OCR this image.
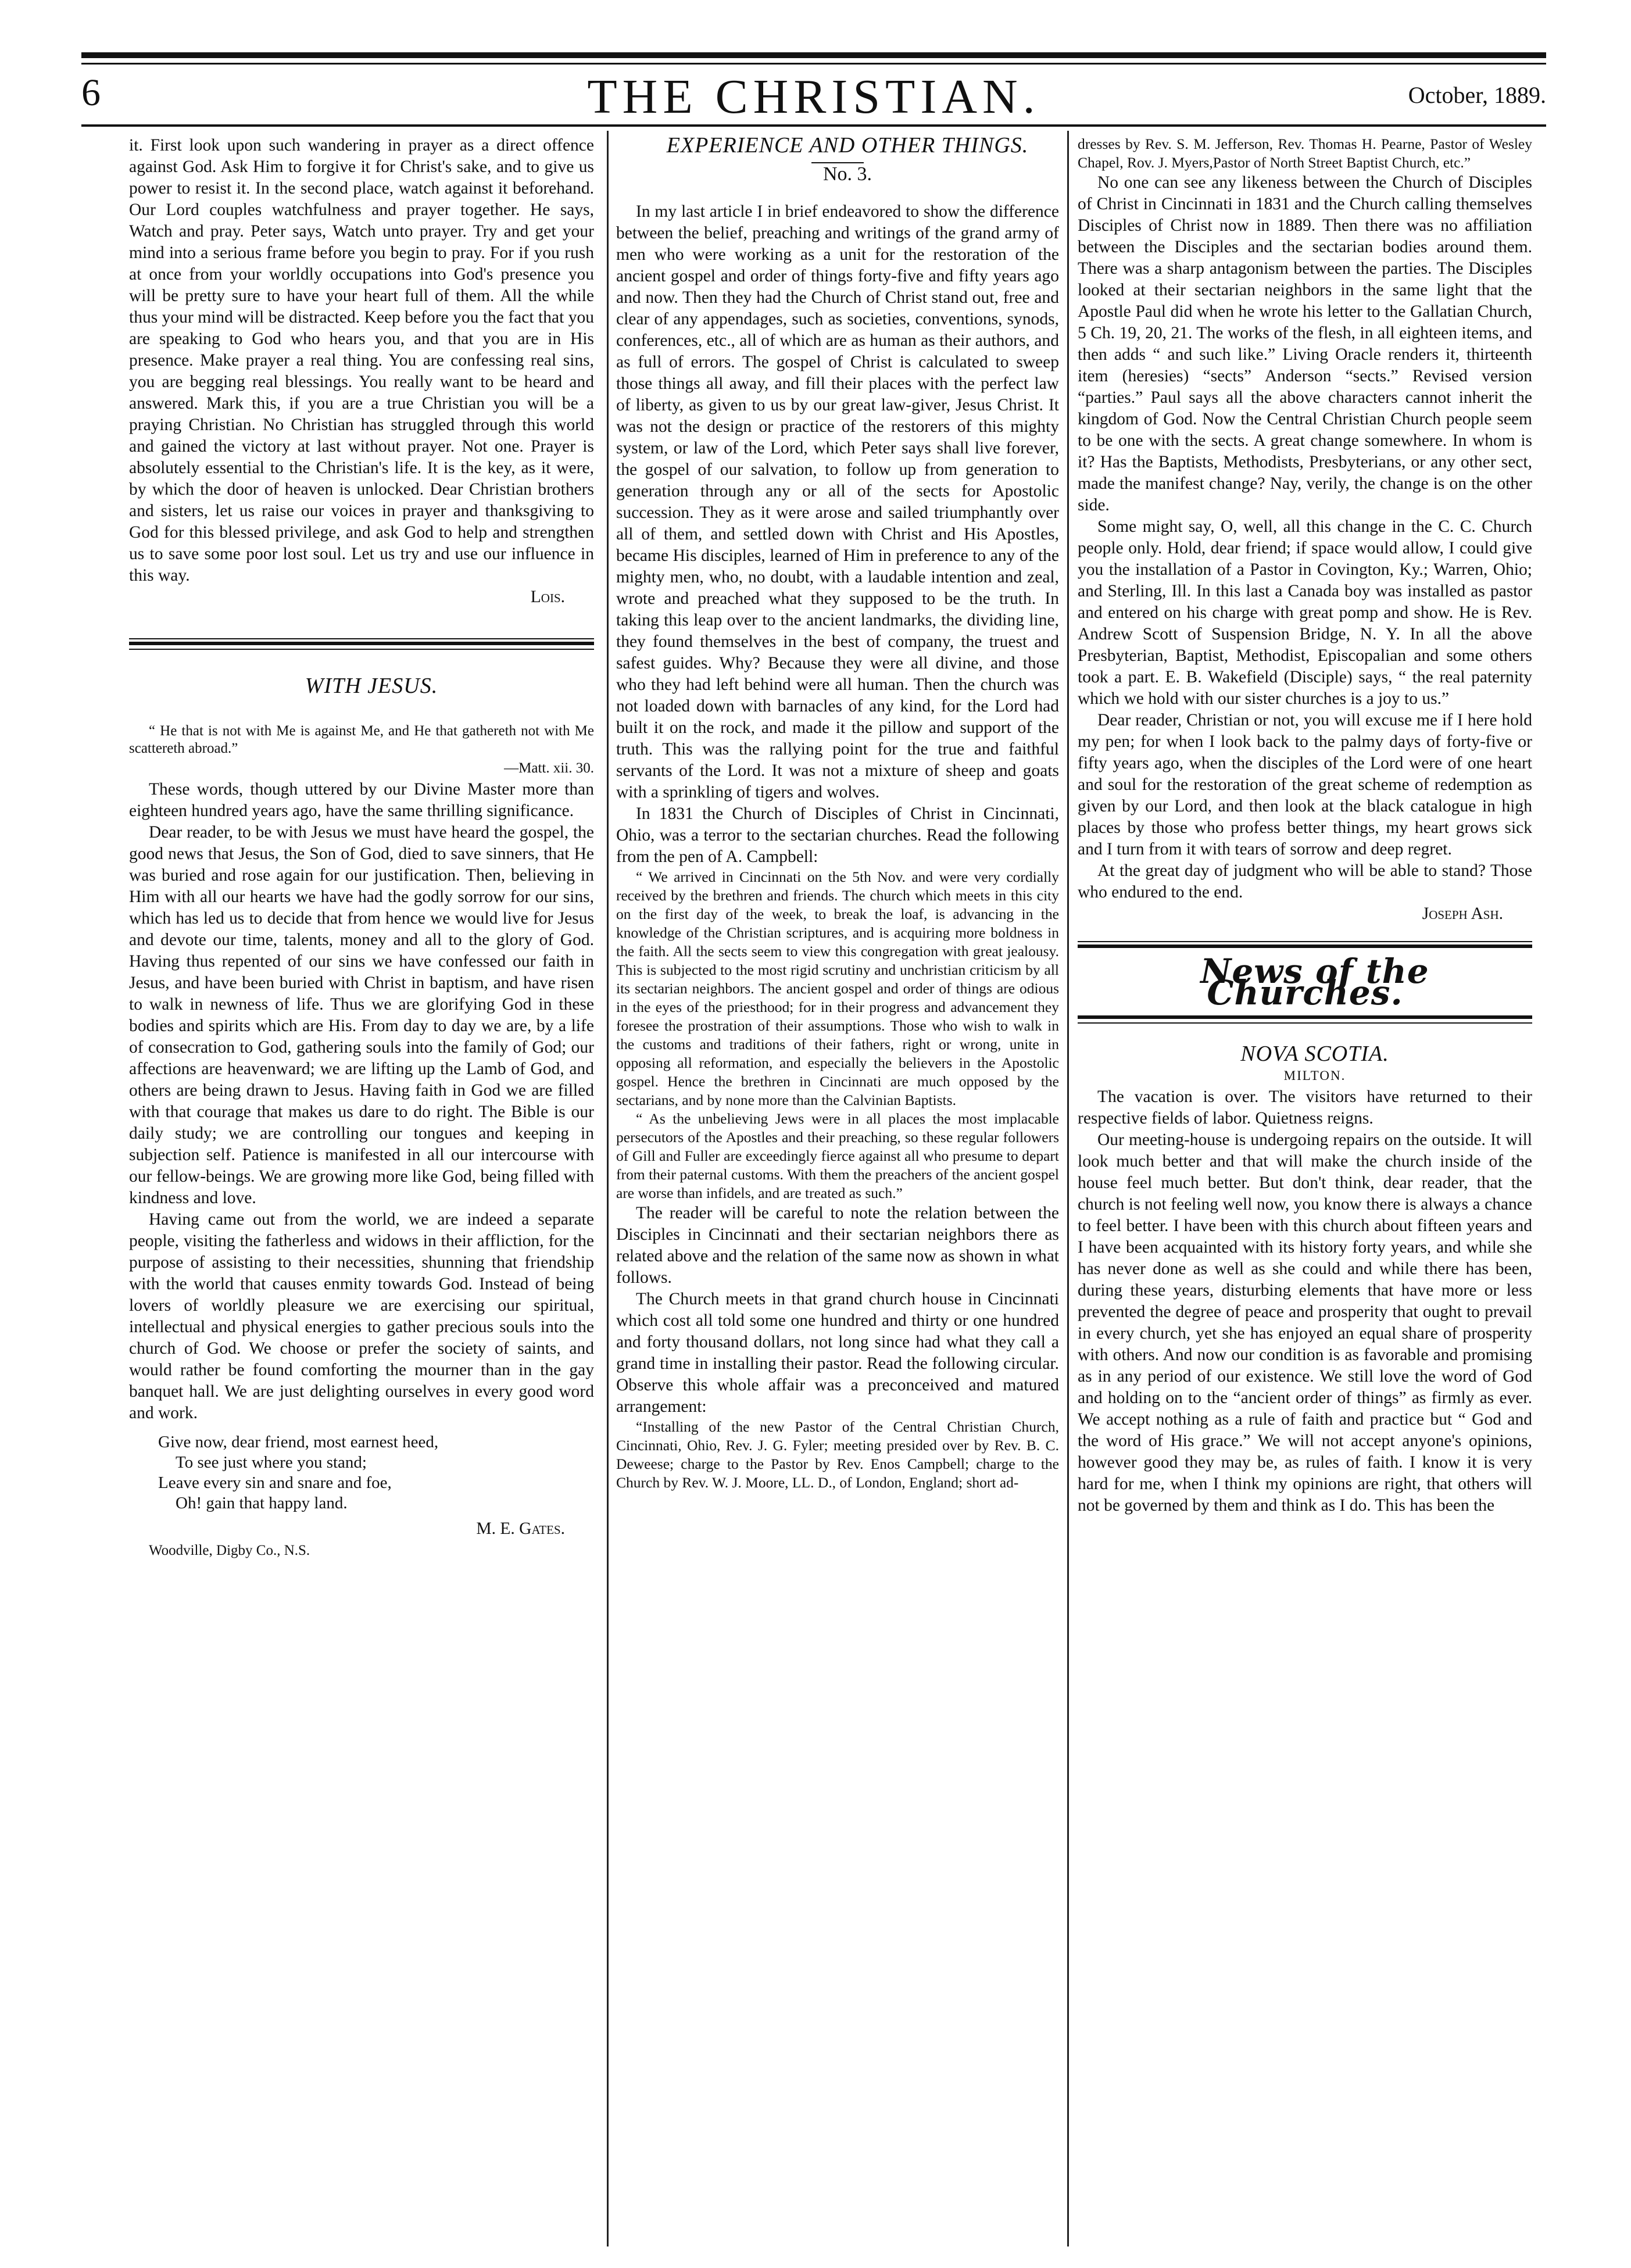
6	THE CHRISTIAN.	October, 1889.

it. First look upon such wandering in prayer as a direct offence against God. Ask Him to forgive it for Christ's sake, and to give us power to resist it. In the second place, watch against it beforehand. Our Lord couples watchfulness and prayer together. He says, Watch and pray. Peter says, Watch unto prayer. Try and get your mind into a serious frame before you begin to pray. For if you rush at once from your worldly occupations into God's presence you will be pretty sure to have your heart full of them. All the while thus your mind will be distracted. Keep before you the fact that you are speaking to God who hears you, and that you are in His presence. Make prayer a real thing. You are confessing real sins, you are begging real blessings. You really want to be heard and answered. Mark this, if you are a true Christian you will be a praying Christian. No Christian has struggled through this world and gained the victory at last without prayer. Not one. Prayer is absolutely essential to the Christian's life. It is the key, as it were, by which the door of heaven is unlocked. Dear Christian brothers and sisters, let us raise our voices in prayer and thanksgiving to God for this blessed privilege, and ask God to help and strengthen us to save some poor lost soul. Let us try and use our influence in this way.

Lois.

WITH JESUS.

“ He that is not with Me is against Me, and He that gathereth not with Me scattereth abroad.”

—Matt. xii. 30.

These words, though uttered by our Divine Master more than eighteen hundred years ago, have the same thrilling significance.

Dear reader, to be with Jesus we must have heard the gospel, the good news that Jesus, the Son of God, died to save sinners, that He was buried and rose again for our justification. Then, believing in Him with all our hearts we have had the godly sorrow for our sins, which has led us to decide that from hence we would live for Jesus and devote our time, talents, money and all to the glory of God. Having thus repented of our sins we have confessed our faith in Jesus, and have been buried with Christ in baptism, and have risen to walk in newness of life. Thus we are glorifying God in these bodies and spirits which are His. From day to day we are, by a life of consecration to God, gathering souls into the family of God; our affections are heavenward; we are lifting up the Lamb of God, and others are being drawn to Jesus. Having faith in God we are filled with that courage that makes us dare to do right. The Bible is our daily study; we are controlling our tongues and keeping in subjection self. Patience is manifested in all our intercourse with our fellow-beings. We are growing more like God, being filled with kindness and love.

Having came out from the world, we are indeed a separate people, visiting the fatherless and widows in their affliction, for the purpose of assisting to their necessities, shunning that friendship with the world that causes enmity towards God. Instead of being lovers of worldly pleasure we are exercising our spiritual, intellectual and physical energies to gather precious souls into the church of God. We choose or prefer the society of saints, and would rather be found comforting the mourner than in the gay banquet hall. We are just delighting ourselves in every good word and work.

Give now, dear friend, most earnest heed,
To see just where you stand;
Leave every sin and snare and foe,
Oh! gain that happy land.

M. E. Gates.

Woodville, Digby Co., N.S.

EXPERIENCE AND OTHER THINGS.

No. 3.

In my last article I in brief endeavored to show the difference between the belief, preaching and writings of the grand army of men who were working as a unit for the restoration of the ancient gospel and order of things forty-five and fifty years ago and now. Then they had the Church of Christ stand out, free and clear of any appendages, such as societies, conventions, synods, conferences, etc., all of which are as human as their authors, and as full of errors. The gospel of Christ is calculated to sweep those things all away, and fill their places with the perfect law of liberty, as given to us by our great law-giver, Jesus Christ. It was not the design or practice of the restorers of this mighty system, or law of the Lord, which Peter says shall live forever, the gospel of our salvation, to follow up from generation to generation through any or all of the sects for Apostolic succession. They as it were arose and sailed triumphantly over all of them, and settled down with Christ and His Apostles, became His disciples, learned of Him in preference to any of the mighty men, who, no doubt, with a laudable intention and zeal, wrote and preached what they supposed to be the truth. In taking this leap over to the ancient landmarks, the dividing line, they found themselves in the best of company, the truest and safest guides. Why? Because they were all divine, and those who they had left behind were all human. Then the church was not loaded down with barnacles of any kind, for the Lord had built it on the rock, and made it the pillow and support of the truth. This was the rallying point for the true and faithful servants of the Lord. It was not a mixture of sheep and goats with a sprinkling of tigers and wolves.

In 1831 the Church of Disciples of Christ in Cincinnati, Ohio, was a terror to the sectarian churches. Read the following from the pen of A. Campbell:

“ We arrived in Cincinnati on the 5th Nov. and were very cordially received by the brethren and friends. The church which meets in this city on the first day of the week, to break the loaf, is advancing in the knowledge of the Christian scriptures, and is acquiring more boldness in the faith. All the sects seem to view this congregation with great jealousy. This is subjected to the most rigid scrutiny and unchristian criticism by all its sectarian neighbors. The ancient gospel and order of things are odious in the eyes of the priesthood; for in their progress and advancement they foresee the prostration of their assumptions. Those who wish to walk in the customs and traditions of their fathers, right or wrong, unite in opposing all reformation, and especially the believers in the Apostolic gospel. Hence the brethren in Cincinnati are much opposed by the sectarians, and by none more than the Calvinian Baptists.

“ As the unbelieving Jews were in all places the most implacable persecutors of the Apostles and their preaching, so these regular followers of Gill and Fuller are exceedingly fierce against all who presume to depart from their paternal customs. With them the preachers of the ancient gospel are worse than infidels, and are treated as such.”

The reader will be careful to note the relation between the Disciples in Cincinnati and their sectarian neighbors there as related above and the relation of the same now as shown in what follows.

The Church meets in that grand church house in Cincinnati which cost all told some one hundred and thirty or one hundred and forty thousand dollars, not long since had what they call a grand time in installing their pastor. Read the following circular. Observe this whole affair was a preconceived and matured arrangement:

“Installing of the new Pastor of the Central Christian Church, Cincinnati, Ohio, Rev. J. G. Fyler; meeting presided over by Rev. B. C. Deweese; charge to the Pastor by Rev. Enos Campbell; charge to the Church by Rev. W. J. Moore, LL. D., of London, England; short ad-

dresses by Rev. S. M. Jefferson, Rev. Thomas H. Pearne, Pastor of Wesley Chapel, Rov. J. Myers,Pastor of North Street Baptist Church, etc.”

No one can see any likeness between the Church of Disciples of Christ in Cincinnati in 1831 and the Church calling themselves Disciples of Christ now in 1889. Then there was no affiliation between the Disciples and the sectarian bodies around them. There was a sharp antagonism between the parties. The Disciples looked at their sectarian neighbors in the same light that the Apostle Paul did when he wrote his letter to the Gallatian Church, 5 Ch. 19, 20, 21. The works of the flesh, in all eighteen items, and then adds “ and such like.” Living Oracle renders it, thirteenth item (heresies) “sects” Anderson “sects.” Revised version “parties.” Paul says all the above characters cannot inherit the kingdom of God. Now the Central Christian Church people seem to be one with the sects. A great change somewhere. In whom is it? Has the Baptists, Methodists, Presbyterians, or any other sect, made the manifest change? Nay, verily, the change is on the other side.

Some might say, O, well, all this change in the C. C. Church people only. Hold, dear friend; if space would allow, I could give you the installation of a Pastor in Covington, Ky.; Warren, Ohio; and Sterling, Ill. In this last a Canada boy was installed as pastor and entered on his charge with great pomp and show. He is Rev. Andrew Scott of Suspension Bridge, N. Y. In all the above Presbyterian, Baptist, Methodist, Episcopalian and some others took a part. E. B. Wakefield (Disciple) says, “ the real paternity which we hold with our sister churches is a joy to us.”

Dear reader, Christian or not, you will excuse me if I here hold my pen; for when I look back to the palmy days of forty-five or fifty years ago, when the disciples of the Lord were of one heart and soul for the restoration of the great scheme of redemption as given by our Lord, and then look at the black catalogue in high places by those who profess better things, my heart grows sick and I turn from it with tears of sorrow and deep regret.

At the great day of judgment who will be able to stand? Those who endured to the end.

Joseph Ash.

News of the Churches.

NOVA SCOTIA.

MILTON.

The vacation is over. The visitors have returned to their respective fields of labor. Quietness reigns.

Our meeting-house is undergoing repairs on the outside. It will look much better and that will make the church inside of the house feel much better. But don't think, dear reader, that the church is not feeling well now, you know there is always a chance to feel better. I have been with this church about fifteen years and I have been acquainted with its history forty years, and while she has never done as well as she could and while there has been, during these years, disturbing elements that have more or less prevented the degree of peace and prosperity that ought to prevail in every church, yet she has enjoyed an equal share of prosperity with others. And now our condition is as favorable and promising as in any period of our existence. We still love the word of God and holding on to the “ancient order of things” as firmly as ever. We accept nothing as a rule of faith and practice but “ God and the word of His grace.” We will not accept anyone's opinions, however good they may be, as rules of faith. I know it is very hard for me, when I think my opinions are right, that others will not be governed by them and think as I do. This has been the
